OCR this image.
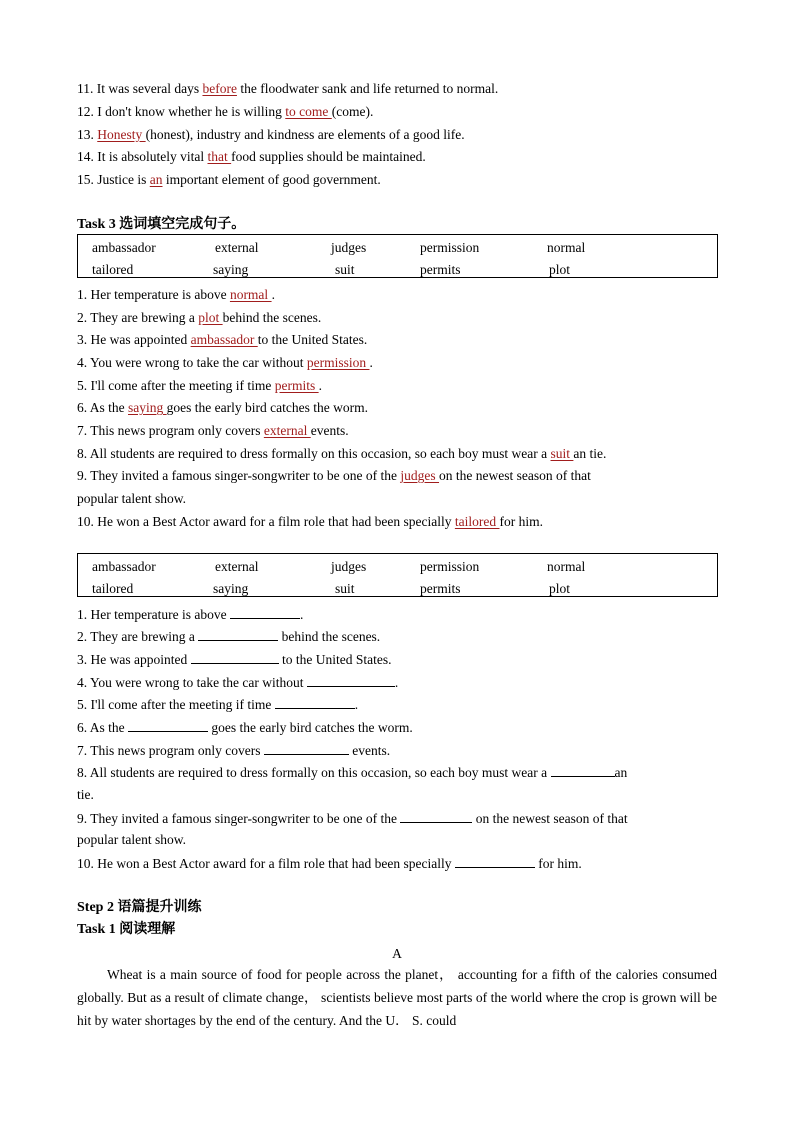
11. It was several days before the floodwater sank and life returned to normal.
12. I don't know whether he is willing to come (come).
13. Honesty (honest), industry and kindness are elements of a good life.
14. It is absolutely vital that food supplies should be maintained.
15. Justice is an important element of good government.
Task 3 选词填空完成句子。
ambassador	external	judges	permission	normal
tailored	saying	suit	permits	plot
1. Her temperature is above normal .
2. They are brewing a plot behind the scenes.
3. He was appointed ambassador to the United States.
4. You were wrong to take the car without permission .
5. I'll come after the meeting if time permits .
6. As the saying goes the early bird catches the worm.
7. This news program only covers external events.
8. All students are required to dress formally on this occasion, so each boy must wear a suit an tie.
9. They invited a famous singer-songwriter to be one of the judges on the newest season of that
popular talent show.
10. He won a Best Actor award for a film role that had been specially tailored for him.
ambassador	external	judges	permission	normal
tailored	saying	suit	permits	plot
1. Her temperature is above	.
2. They are brewing a	behind the scenes.
3. He was appointed	to the United States.
4. You were wrong to take the car without	.
5. I'll come after the meeting if time	.
6. As the	goes the early bird catches the worm.
7. This news program only covers	events.
8. All students are required to dress formally on this occasion, so each boy must wear a	an
tie.
9. They invited a famous singer-songwriter to be one of the	on the newest season of that
popular talent show.
10. He won a Best Actor award for a film role that had been specially	for him.
Step 2 语篇提升训练
Task 1 阅读理解
A
Wheat is a main source of food for people across the planet， accounting for a fifth of the calories consumed globally. But as a result of climate change， scientists believe most parts of the world where the crop is grown will be hit by water shortages by the end of the century. And the U． S. could
